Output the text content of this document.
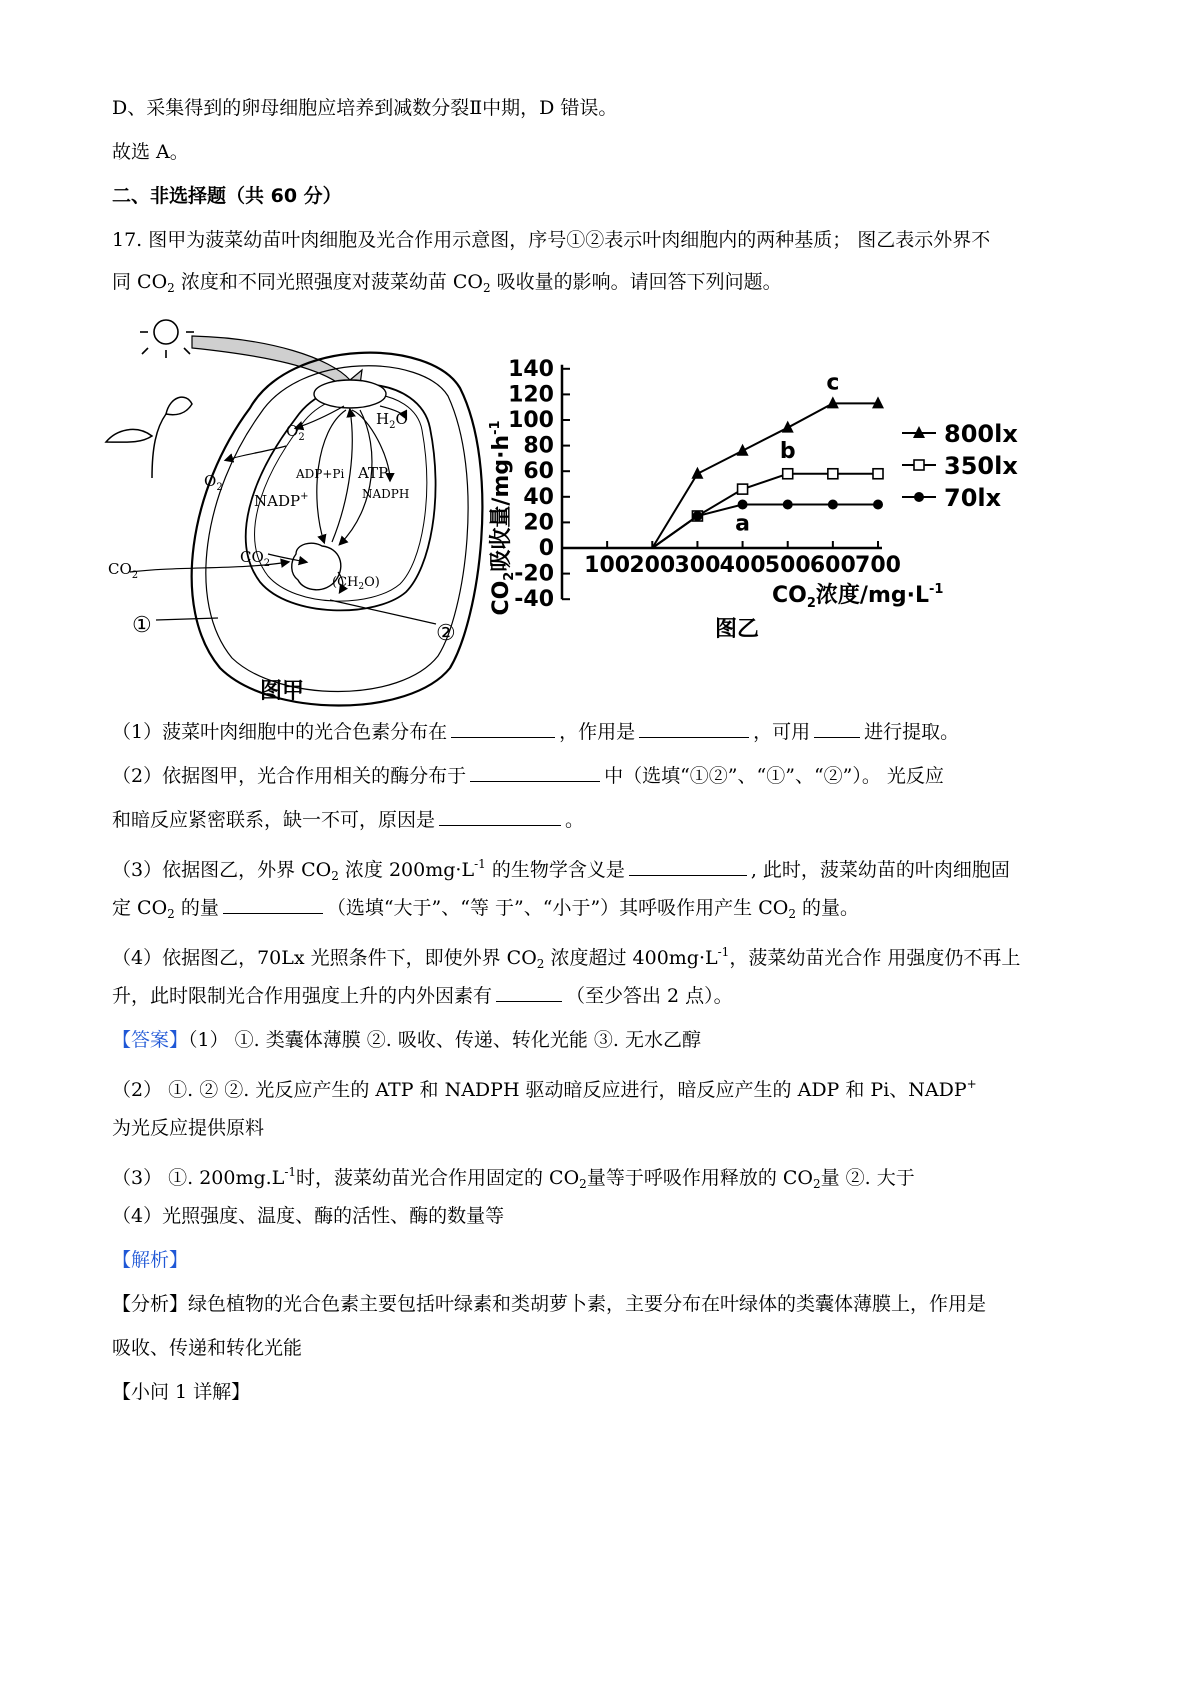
D、采集得到的卵母细胞应培养到减数分裂Ⅱ中期，D 错误。
故选 A。
二、非选择题（共 60 分）
17. 图甲为菠菜幼苗叶肉细胞及光合作用示意图，序号①②表示叶肉细胞内的两种基质； 图乙表示外界不
同 $CO_2$ 浓度和不同光照强度对菠菜幼苗 $CO_2$ 吸收量的影响。请回答下列问题。
$O_2$
$O_2$
$H_2O$
ADP+Pi ATP
NADP+	NADPH
$CO_2$
$CO_2$
$(CH_2O)$
①	②
图甲
$CO_2$吸收量$/mg\cdot h^{-1}$
$CO_2$浓度$/mg\cdot L^{-1}$
图乙
140
120
100
80
60
40
20
0
-20
-40
100 200 300 400 500 600 700
800lx
350lx
70lx
c
b
a
（1）菠菜叶肉细胞中的光合色素分布在	，作用是	，可用	进行提取。
（2）依据图甲，光合作用相关的酶分布于	中（选填“①②”、“①”、“②”）。 光反应
和暗反应紧密联系，缺一不可，原因是	。
（3）依据图乙，外界 $CO_2$ 浓度 $200mg\cdot L^{-1}$ 的生物学含义是	, 此时，菠菜幼苗的叶肉细胞固
定 $CO_2$ 的量	（选填“大于”、“等 于”、“小于”）其呼吸作用产生 $CO_2$ 的量。
（4）依据图乙，70Lx 光照条件下，即使外界 $CO_2$ 浓度超过 $400mg\cdot L^{-1}$，菠菜幼苗光合作 用强度仍不再上
升，此时限制光合作用强度上升的内外因素有	（至少答出 2 点）。
【答案】（1） ①. 类囊体薄膜 ②. 吸收、传递、转化光能 ③. 无水乙醇
（2） ①. ② ②. 光反应产生的 ATP 和 NADPH 驱动暗反应进行，暗反应产生的 ADP 和 Pi、NADP+
为光反应提供原料
（3） ①. $200mg.L^{-1}$时，菠菜幼苗光合作用固定的 $CO_2$量等于呼吸作用释放的 $CO_2$量 ②. 大于
（4）光照强度、温度、酶的活性、酶的数量等
【解析】
【分析】绿色植物的光合色素主要包括叶绿素和类胡萝卜素，主要分布在叶绿体的类囊体薄膜上，作用是
吸收、传递和转化光能
【小问 1 详解】
